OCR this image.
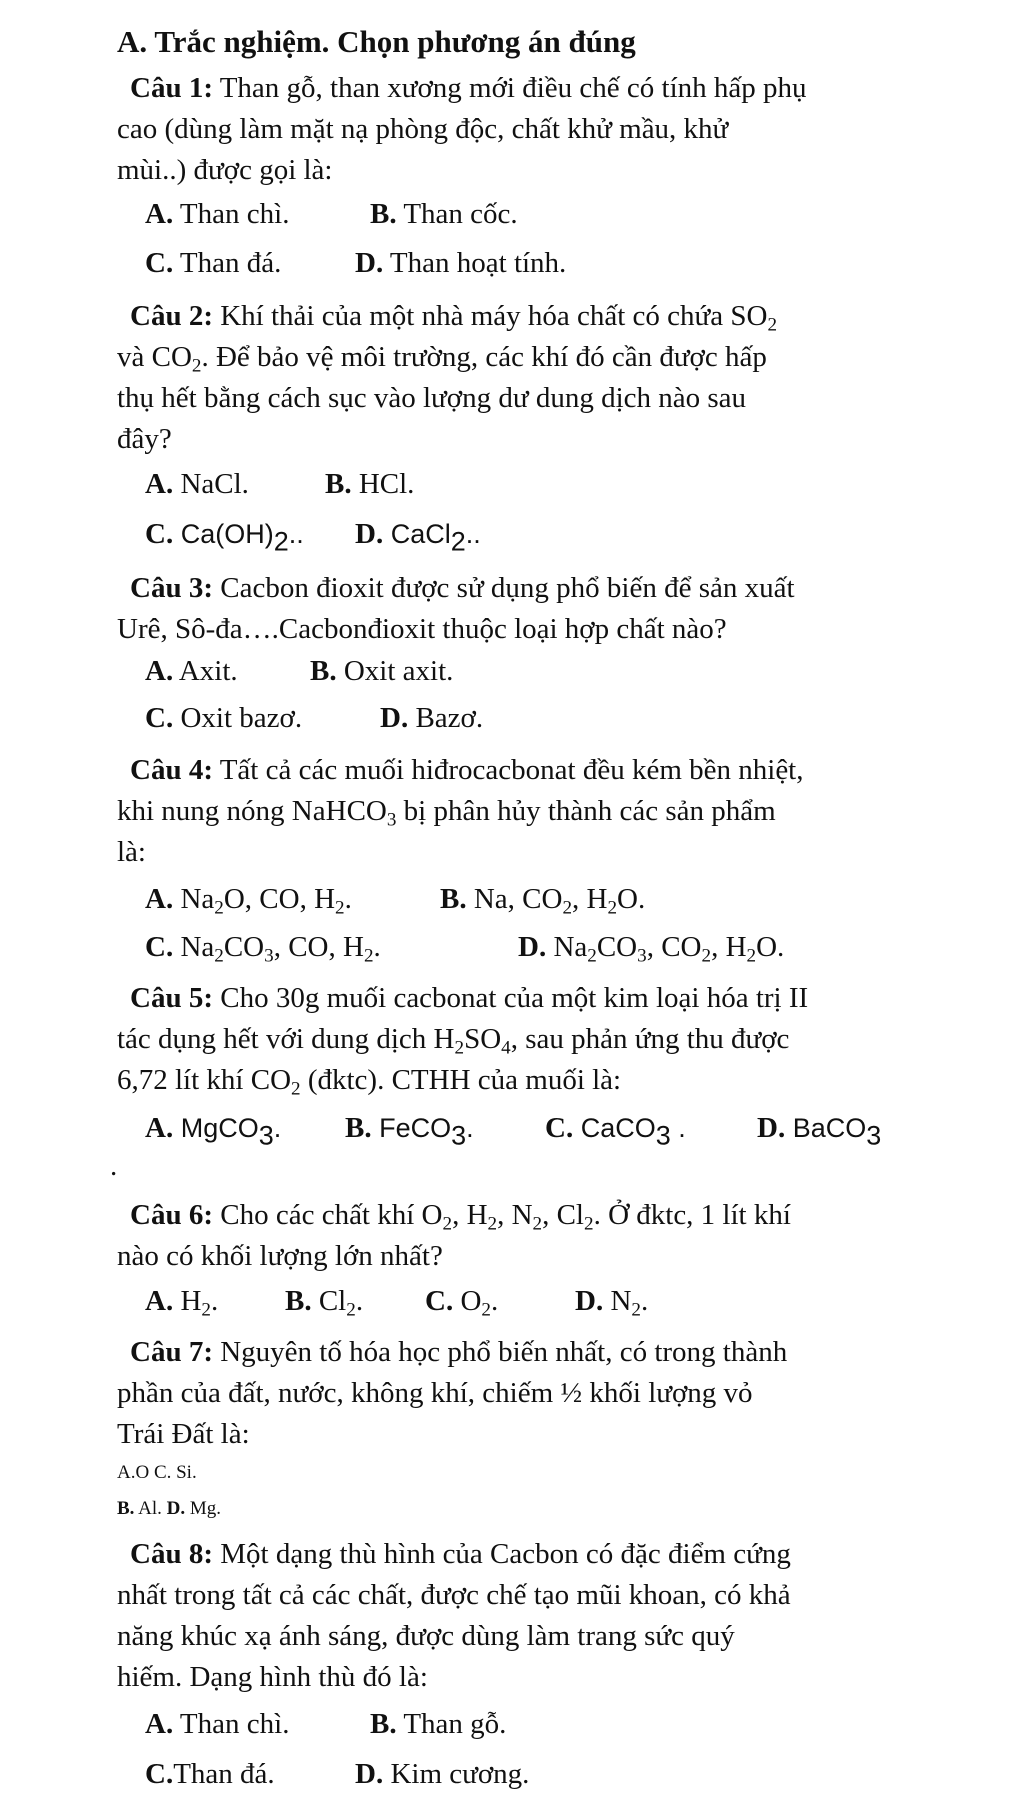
A. Trắc nghiệm. Chọn phương án đúng
Câu 1: Than gỗ, than xương mới điều chế có tính hấp phụ
cao (dùng làm mặt nạ phòng độc, chất khử mầu, khử
mùi..) được gọi là:
A. Than chì.	B. Than cốc.
C. Than đá.	D. Than hoạt tính.
Câu 2: Khí thải của một nhà máy hóa chất có chứa $SO_2$
và $CO_2$. Để bảo vệ môi trường, các khí đó cần được hấp
thụ hết bằng cách sục vào lượng dư dung dịch nào sau
đây?
A. NaCl.	B. HCl.
C. $Ca(OH)_2$.. D. CaCl$_2$..
Câu 3: Cacbon đioxit được sử dụng phổ biến để sản xuất
Urê, Sô-đa….Cacbonđioxit thuộc loại hợp chất nào?
A. Axit. B. Oxit axit.
C. Oxit bazơ.	D. Bazơ.
Câu 4: Tất cả các muối hiđrocacbonat đều kém bền nhiệt,
khi nung nóng NaHCO$_3$ bị phân hủy thành các sản phẩm
là:
A. $Na_2O$, CO, $H_2$.	B. Na, $CO_2$, $H_2O$.
C. $Na_2CO_3$, CO, $H_2$.	D. $Na_2CO_3$, $CO_2$, $H_2O$.
Câu 5: Cho 30g muối cacbonat của một kim loại hóa trị II
tác dụng hết với dung dịch $H_2SO_4$, sau phản ứng thu được
6,72 lít khí $CO_2$ (đktc). CTHH của muối là:
A. MgCO$_3$. B. FeCO$_3$. C. CaCO$_3$ . D. BaCO$_3$
.
Câu 6: Cho các chất khí $O_2$, $H_2$, $N_2$, $Cl_2$. Ở đktc, 1 lít khí
nào có khối lượng lớn nhất?
A. $H_2$. B. $Cl_2$. C. $O_2$.	D. $N_2$.
Câu 7: Nguyên tố hóa học phổ biến nhất, có trong thành
phần của đất, nước, không khí, chiếm ½ khối lượng vỏ
Trái Đất là:
A.O C. Si.
B. Al. D. Mg.
Câu 8: Một dạng thù hình của Cacbon có đặc điểm cứng
nhất trong tất cả các chất, được chế tạo mũi khoan, có khả
năng khúc xạ ánh sáng, được dùng làm trang sức quý
hiếm. Dạng hình thù đó là:
A. Than chì.	B. Than gỗ.
C.Than đá.	D. Kim cương.
